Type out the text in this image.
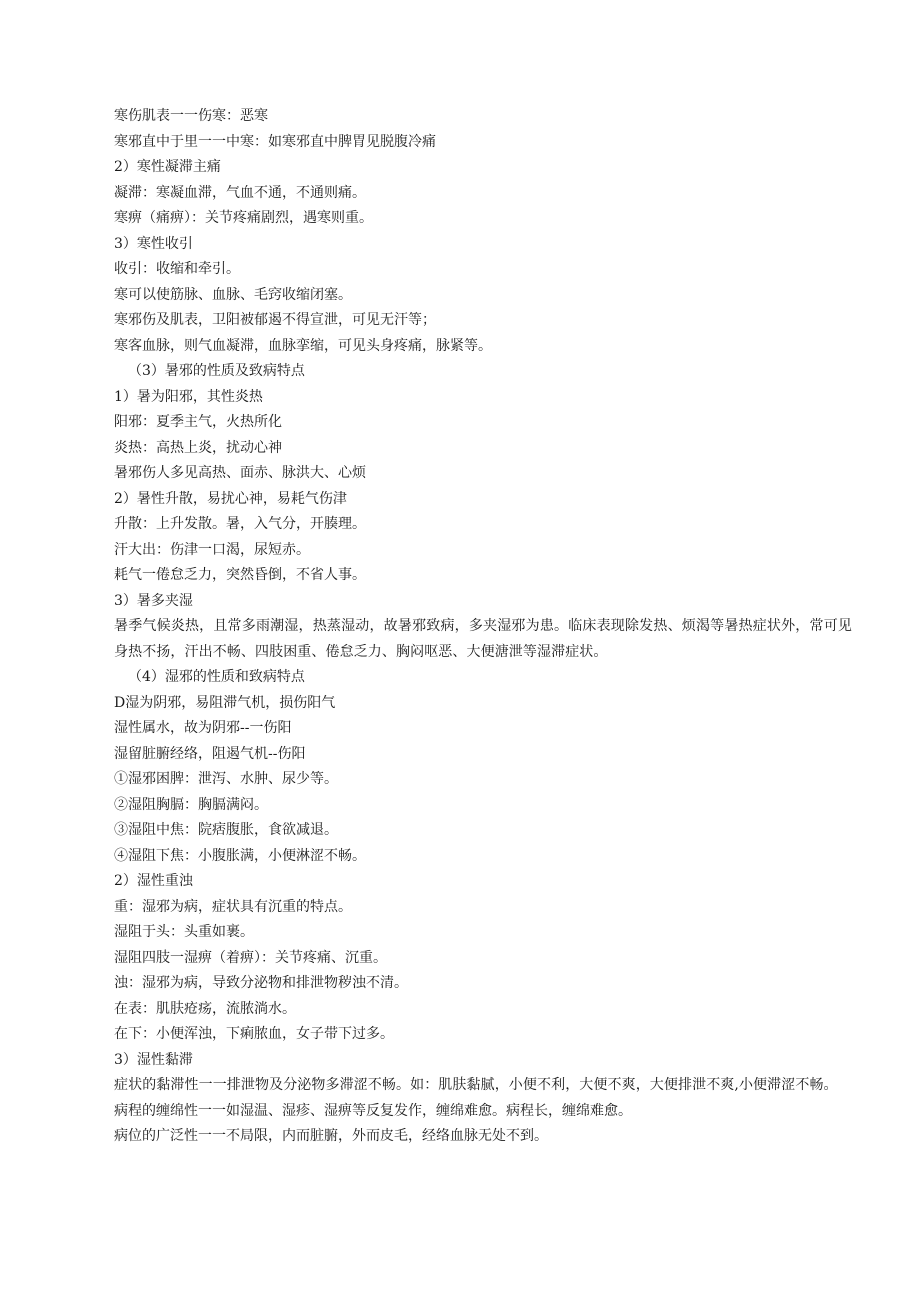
寒伤肌表一一伤寒：恶寒
寒邪直中于里一一中寒：如寒邪直中脾胃见脱腹冷痛
2）寒性凝滞主痛
凝滞：寒凝血滞，气血不通，不通则痛。
寒痹（痛痹）：关节疼痛剧烈，遇寒则重。
3）寒性收引
收引：收缩和牵引。
寒可以使筋脉、血脉、毛窍收缩闭塞。
寒邪伤及肌表，卫阳被郁遏不得宣泄，可见无汗等；
寒客血脉，则气血凝滞，血脉挛缩，可见头身疼痛，脉紧等。
（3）暑邪的性质及致病特点
1）暑为阳邪，其性炎热
阳邪：夏季主气，火热所化
炎热：高热上炎，扰动心神
暑邪伤人多见高热、面赤、脉洪大、心烦
2）暑性升散，易扰心神，易耗气伤津
升散：上升发散。暑，入气分，开腠理。
汗大出：伤津一口渴，尿短赤。
耗气一倦怠乏力，突然昏倒，不省人事。
3）暑多夹湿
暑季气候炎热，且常多雨潮湿，热蒸湿动，故暑邪致病，多夹湿邪为患。临床表现除发热、烦渴等暑热症状外，常可见身热不扬，汗出不畅、四肢困重、倦怠乏力、胸闷呕恶、大便溏泄等湿滞症状。
（4）湿邪的性质和致病特点
D湿为阴邪，易阻滞气机，损伤阳气
湿性属水，故为阴邪--一伤阳
湿留脏腑经络，阻遏气机--伤阳
①湿邪困脾：泄泻、水肿、尿少等。
②湿阻胸膈：胸膈满闷。
③湿阻中焦：院痞腹胀，食欲减退。
④湿阻下焦：小腹胀满，小便淋涩不畅。
2）湿性重浊
重：湿邪为病，症状具有沉重的特点。
湿阻于头：头重如裹。
湿阻四肢一湿痹（着痹）：关节疼痛、沉重。
浊：湿邪为病，导致分泌物和排泄物秽浊不清。
在表：肌肤疮疡，流脓淌水。
在下：小便浑浊，下痢脓血，女子带下过多。
3）湿性黏滞
症状的黏滞性一一排泄物及分泌物多滞涩不畅。如：肌肤黏腻，小便不利，大便不爽，大便排泄不爽,小便滞涩不畅。
病程的缠绵性一一如湿温、湿疹、湿痹等反复发作，缠绵难愈。病程长，缠绵难愈。
病位的广泛性一一不局限，内而脏腑，外而皮毛，经络血脉无处不到。
